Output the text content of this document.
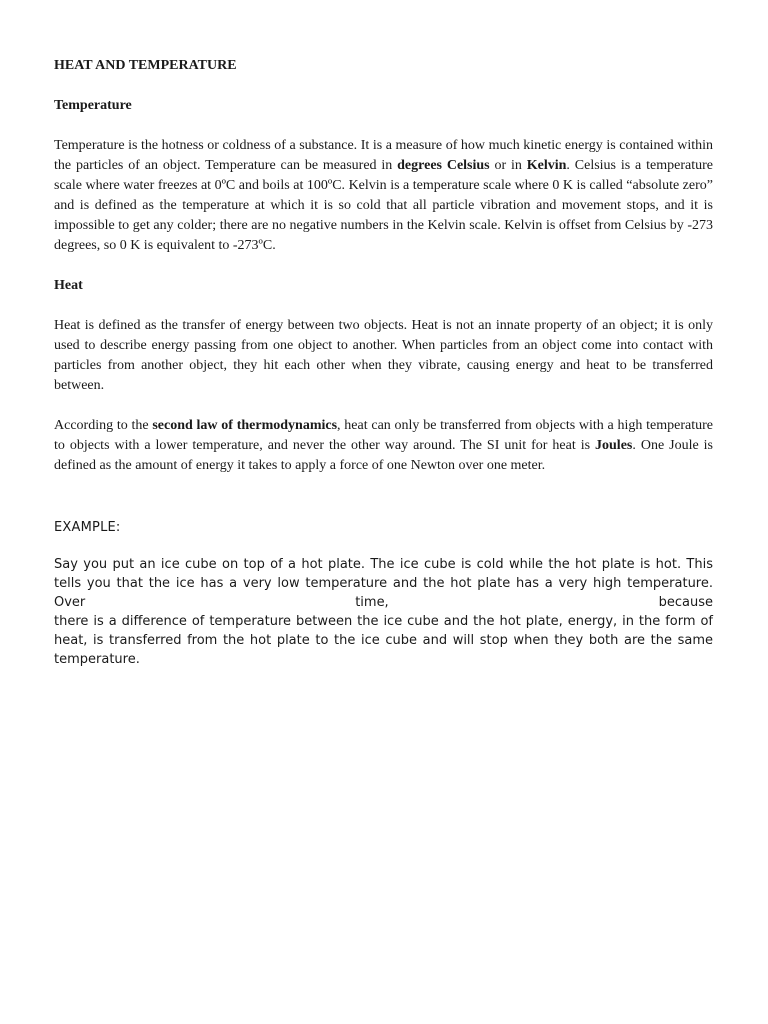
HEAT AND TEMPERATURE
Temperature

Temperature is the hotness or coldness of a substance. It is a measure of how much kinetic energy is contained within the particles of an object. Temperature can be measured in degrees Celsius or in Kelvin. Celsius is a temperature scale where water freezes at 0ºC and boils at 100ºC. Kelvin is a temperature scale where 0 K is called “absolute zero” and is defined as the temperature at which it is so cold that all particle vibration and movement stops, and it is impossible to get any colder; there are no negative numbers in the Kelvin scale. Kelvin is offset from Celsius by -273 degrees, so 0 K is equivalent to -273ºC.

Heat

Heat is defined as the transfer of energy between two objects. Heat is not an innate property of an object; it is only used to describe energy passing from one object to another. When particles from an object come into contact with particles from another object, they hit each other when they vibrate, causing energy and heat to be transferred between.

According to the second law of thermodynamics, heat can only be transferred from objects with a high temperature to objects with a lower temperature, and never the other way around. The SI unit for heat is Joules. One Joule is defined as the amount of energy it takes to apply a force of one Newton over one meter.

EXAMPLE:

Say you put an ice cube on top of a hot plate. The ice cube is cold while the hot plate is hot. This tells you that the ice has a very low temperature and the hot plate has a very high temperature. Over time, because
there is a difference of temperature between the ice cube and the hot plate, energy, in the form of heat, is transferred from the hot plate to the ice cube and will stop when they both are the same temperature.
